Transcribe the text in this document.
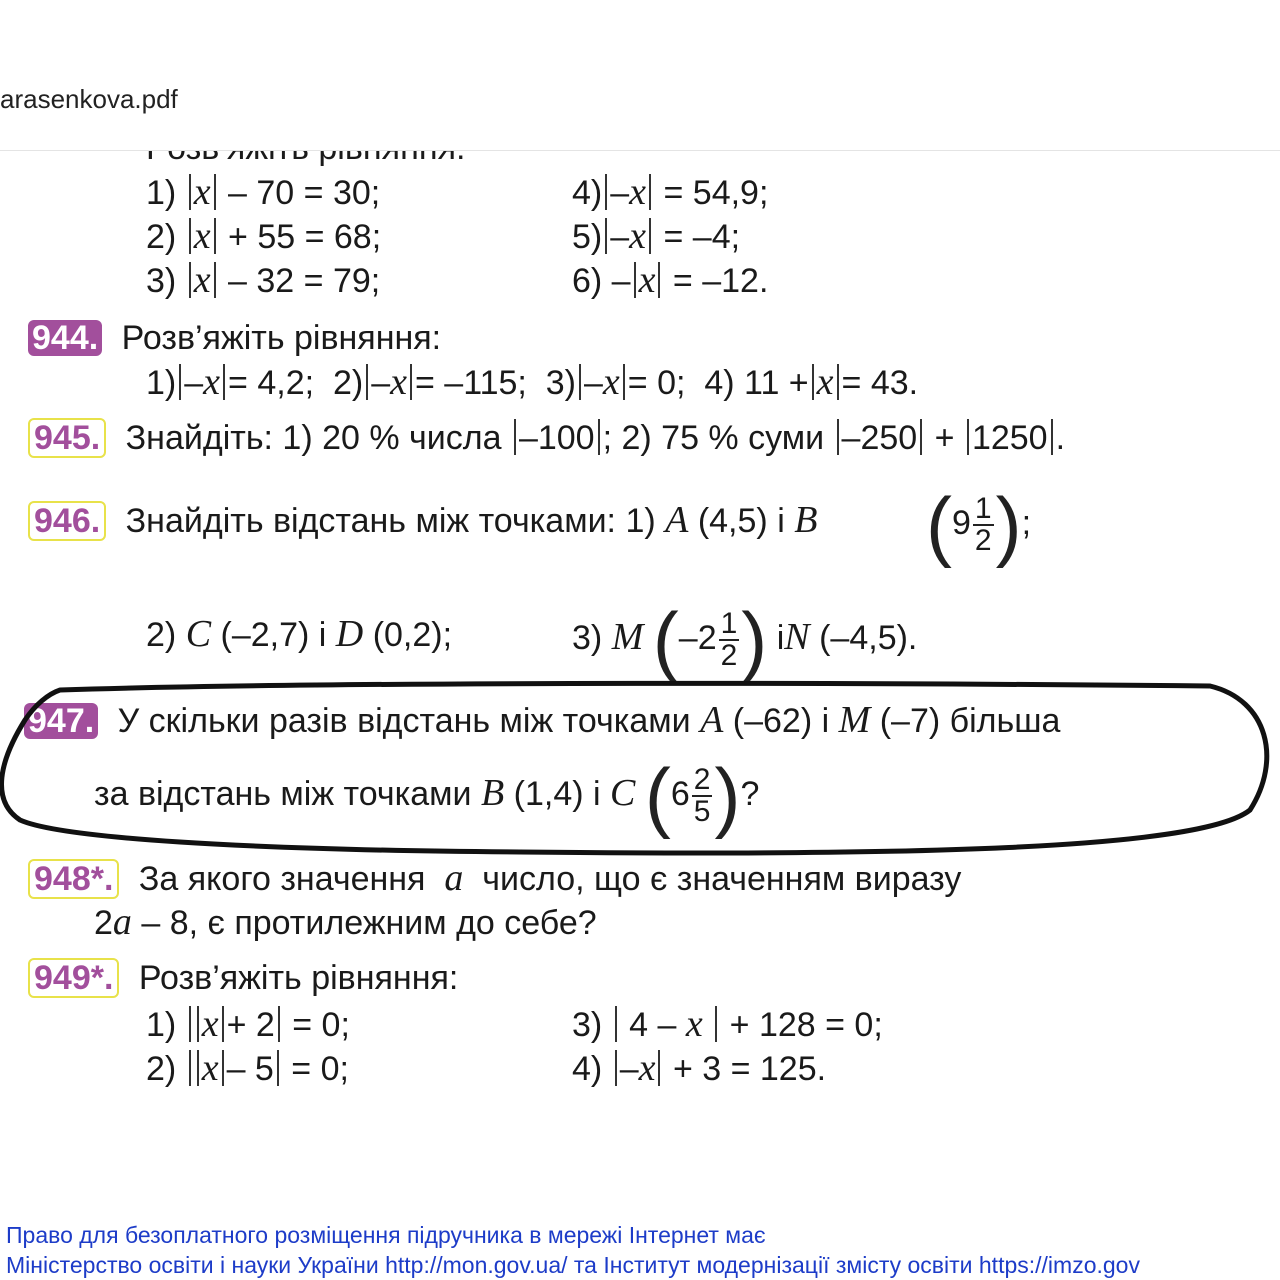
1) x – 70 = 30;	4) –x = 54,9;
2) x + 55 = 68;	5) –x = –4;
3) x – 32 = 79;	6) – x = –12.
944. Розв’яжіть рівняння:
1) –x = 4,2; 2) –x = –115; 3) –x = 0; 4) 11 + x = 43.
945. Знайдіть: 1) 20 % числа –100 ; 2) 75 % суми –250 + 1250 .
946. Знайдіть відстань між точками: 1) A (4,5) і B ($9 \frac{1}{2}$ );
2) C (–2,7) і D (0,2);	3) M ($-2 \frac{1}{2}$ ) іN (–4,5).
947. У скільки разів відстань між точками A (–62) і M (–7) більша
за відстань між точками B (1,4) і C ($6 \frac{2}{5}$ )?
948*. За якого значення a число, що є значенням виразу
2a – 8, є протилежним до себе?
949*. Розв’яжіть рівняння:
1) x + 2 = 0;	3) 4 – x + 128 = 0;
2) x – 5 = 0;	4) –x + 3 = 125.
Право для безоплатного розміщення підручника в мережі Інтернет має
Міністерство освіти і науки України http://mon.gov.ua/ та Інститут модернізації змісту освіти https://imzo.gov
arasenkova.pdf
